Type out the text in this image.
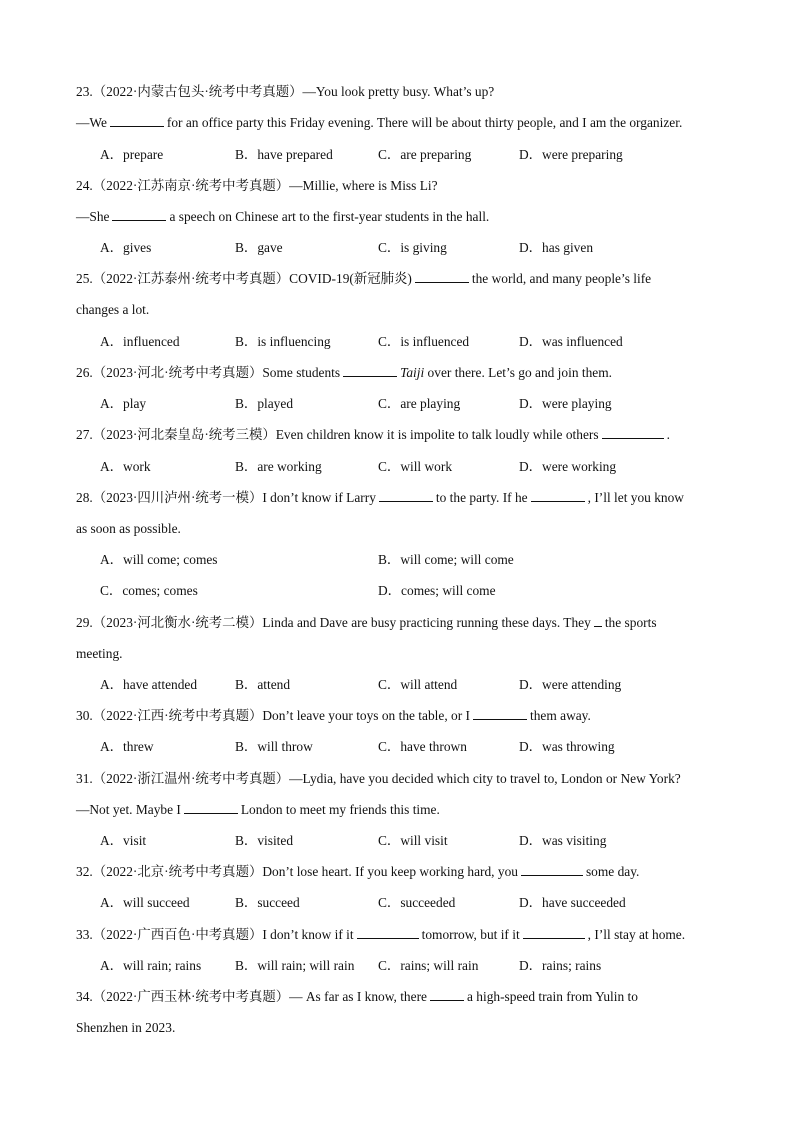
23.（2022·内蒙古包头·统考中考真题）—You look pretty busy. What’s up?
—We	for an office party this Friday evening. There will be about thirty people, and I am the organizer.
A．prepare	B．have prepared	C．are preparing	D．were preparing
24.（2022·江苏南京·统考中考真题）—Millie, where is Miss Li?
—She	a speech on Chinese art to the first-year students in the hall.
A．gives	B．gave	C．is giving	D．has given
25.（2022·江苏泰州·统考中考真题）COVID-19(新冠肺炎)	the world, and many people’s life
changes a lot.
A．influenced	B．is influencing	C．is influenced	D．was influenced
26.（2023·河北·统考中考真题）Some students	Taiji over there. Let’s go and join them.
A．play	B．played	C．are playing	D．were playing
27.（2023·河北秦皇岛·统考三模）Even children know it is impolite to talk loudly while others	.
A．work	B．are working	C．will work	D．were working
28.（2023·四川泸州·统考一模）I don’t know if Larry	to the party. If he	, I’ll let you know
as soon as possible.
A．will come; comes	B．will come; will come
C．comes; comes	D．comes; will come
29.（2023·河北衡水·统考二模）Linda and Dave are busy practicing running these days. They the sports
meeting.
A．have attended	B．attend	C．will attend	D．were attending
30.（2022·江西·统考中考真题）Don’t leave your toys on the table, or I	them away.
A．threw	B．will throw	C．have thrown	D．was throwing
31.（2022·浙江温州·统考中考真题）—Lydia, have you decided which city to travel to, London or New York?
—Not yet. Maybe I	London to meet my friends this time.
A．visit	B．visited	C．will visit	D．was visiting
32.（2022·北京·统考中考真题）Don’t lose heart. If you keep working hard, you	some day.
A．will succeed	B．succeed	C．succeeded	D．have succeeded
33.（2022·广西百色·中考真题）I don’t know if it	tomorrow, but if it	, I’ll stay at home.
A．will rain; rains	B．will rain; will rain C．rains; will rain	D．rains; rains
34.（2022·广西玉林·统考中考真题）— As far as I know, there	a high-speed train from Yulin to
Shenzhen in 2023.
